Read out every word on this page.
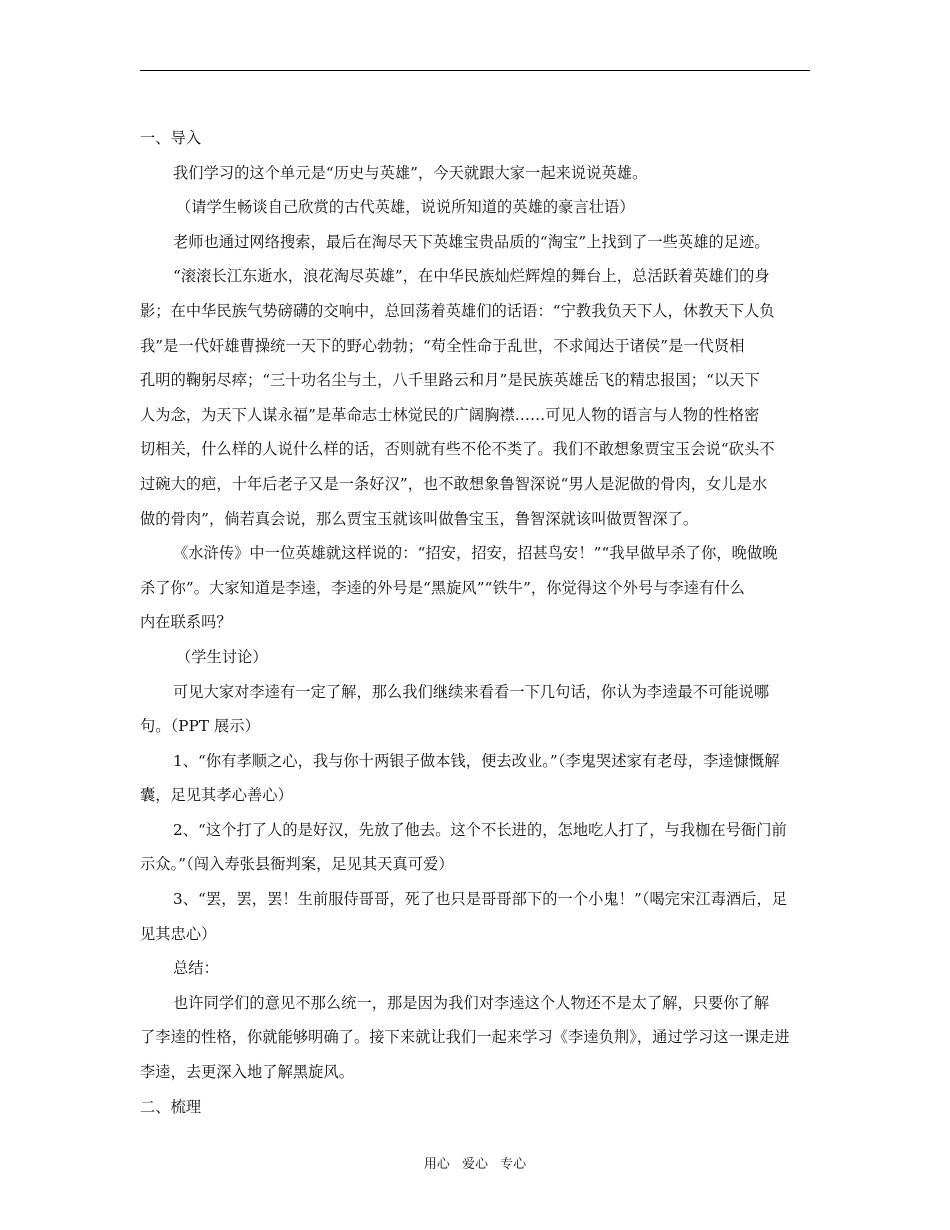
一、导入
我们学习的这个单元是“历史与英雄”，今天就跟大家一起来说说英雄。
（请学生畅谈自己欣赏的古代英雄，说说所知道的英雄的豪言壮语）
老师也通过网络搜索，最后在淘尽天下英雄宝贵品质的“淘宝”上找到了一些英雄的足迹。
“滚滚长江东逝水，浪花淘尽英雄”，在中华民族灿烂辉煌的舞台上，总活跃着英雄们的身
影；在中华民族气势磅礴的交响中，总回荡着英雄们的话语：“宁教我负天下人，休教天下人负
我”是一代奸雄曹操统一天下的野心勃勃；“苟全性命于乱世，不求闻达于诸侯”是一代贤相
孔明的鞠躬尽瘁；“三十功名尘与土，八千里路云和月”是民族英雄岳飞的精忠报国；“以天下
人为念，为天下人谋永福”是革命志士林觉民的广阔胸襟……可见人物的语言与人物的性格密
切相关，什么样的人说什么样的话，否则就有些不伦不类了。我们不敢想象贾宝玉会说“砍头不
过碗大的疤，十年后老子又是一条好汉”，也不敢想象鲁智深说“男人是泥做的骨肉，女儿是水
做的骨肉”，倘若真会说，那么贾宝玉就该叫做鲁宝玉，鲁智深就该叫做贾智深了。
《水浒传》中一位英雄就这样说的：“招安，招安，招甚鸟安！”“我早做早杀了你，晚做晚
杀了你”。大家知道是李逵，李逵的外号是“黑旋风”“铁牛”，你觉得这个外号与李逵有什么
内在联系吗？
（学生讨论）
可见大家对李逵有一定了解，那么我们继续来看看一下几句话，你认为李逵最不可能说哪
句。（PPT 展示）
1、“你有孝顺之心，我与你十两银子做本钱，便去改业。”（李鬼哭述家有老母，李逵慷慨解
囊，足见其孝心善心）
2、“这个打了人的是好汉，先放了他去。这个不长进的，怎地吃人打了，与我枷在号衙门前
示众。”（闯入寿张县衙判案，足见其天真可爱）
3、“罢，罢，罢！生前服侍哥哥，死了也只是哥哥部下的一个小鬼！”（喝完宋江毒酒后，足
见其忠心）
总结：
也许同学们的意见不那么统一，那是因为我们对李逵这个人物还不是太了解，只要你了解
了李逵的性格，你就能够明确了。接下来就让我们一起来学习《李逵负荆》，通过学习这一课走进
李逵，去更深入地了解黑旋风。
二、梳理
用心 爱心 专心
